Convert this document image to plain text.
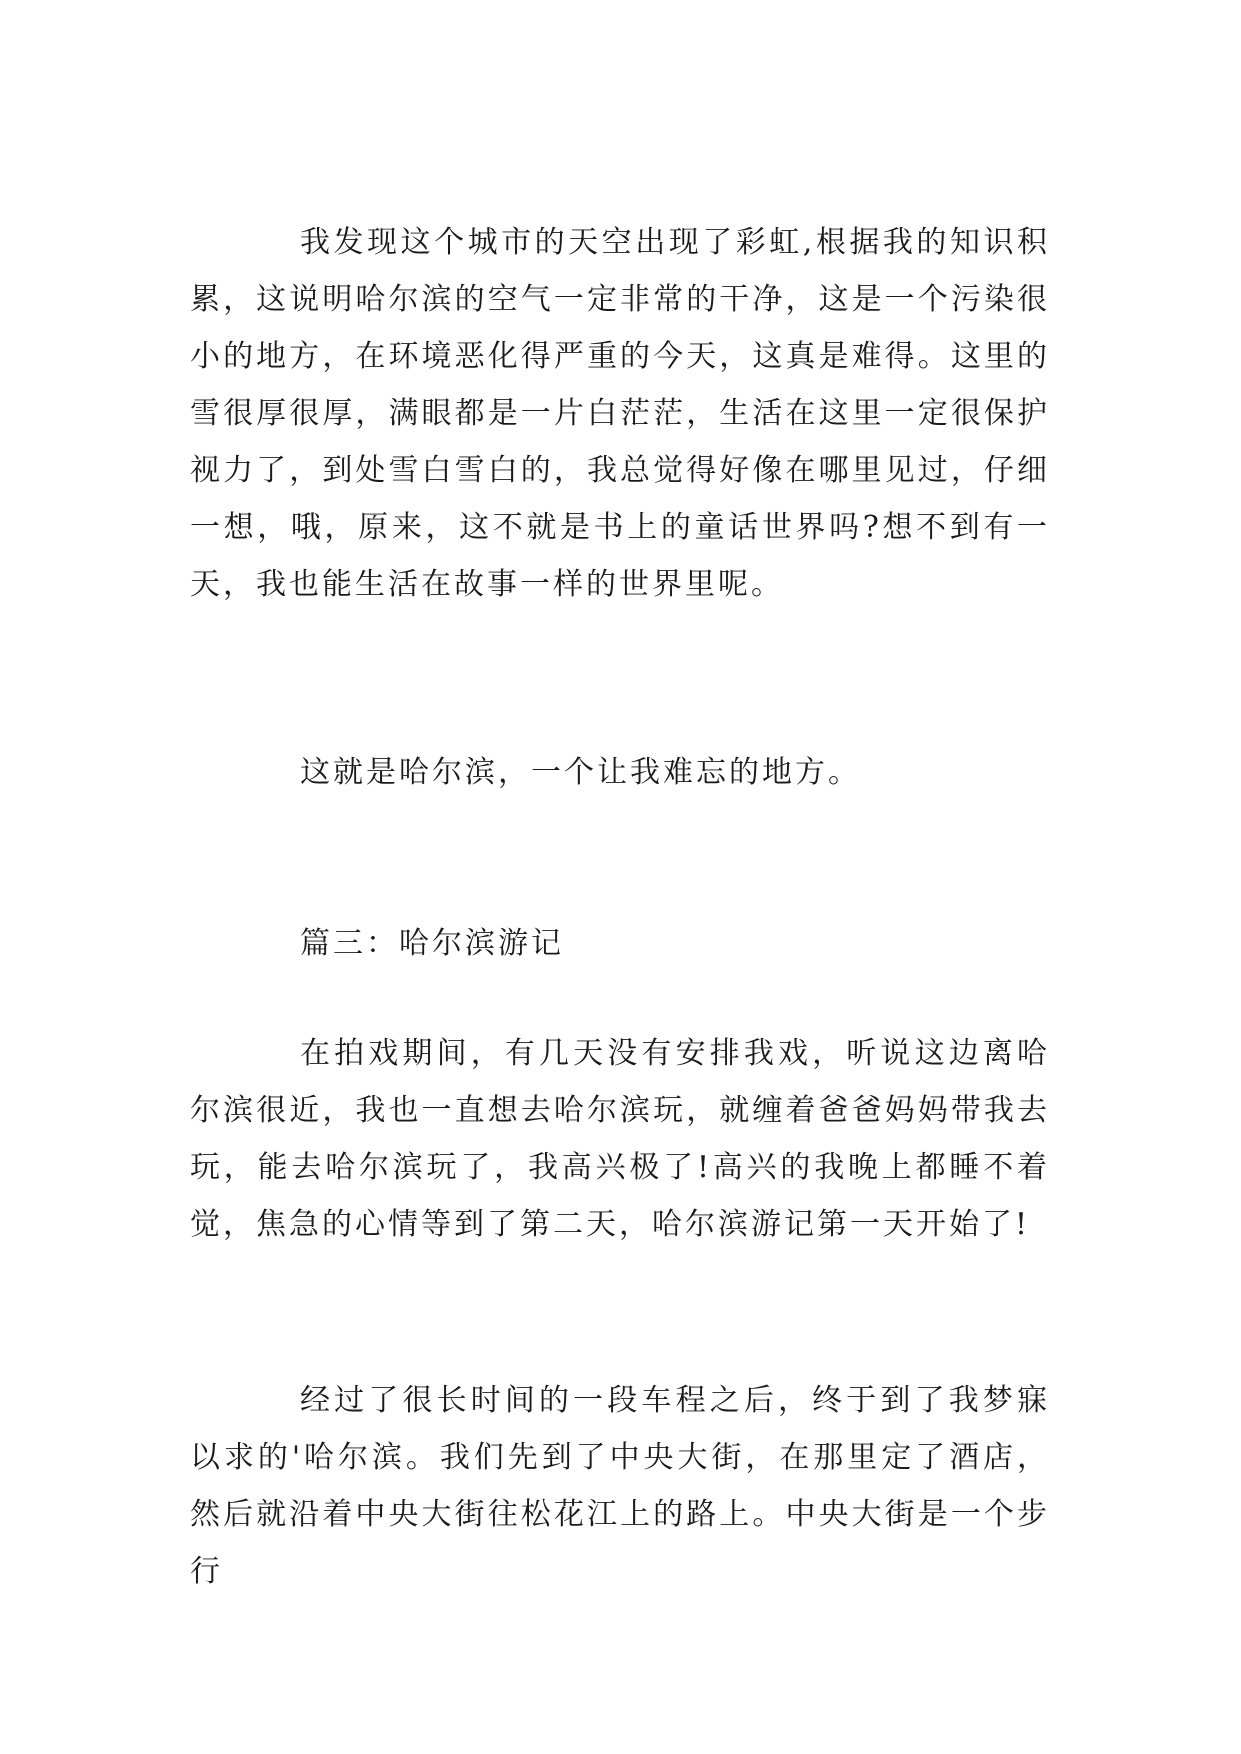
我发现这个城市的天空出现了彩虹,根据我的知识积累，这说明哈尔滨的空气一定非常的干净，这是一个污染很小的地方，在环境恶化得严重的今天，这真是难得。这里的雪很厚很厚，满眼都是一片白茫茫，生活在这里一定很保护视力了，到处雪白雪白的，我总觉得好像在哪里见过，仔细一想，哦，原来，这不就是书上的童话世界吗?想不到有一天，我也能生活在故事一样的世界里呢。

这就是哈尔滨，一个让我难忘的地方。

篇三：哈尔滨游记

在拍戏期间，有几天没有安排我戏，听说这边离哈尔滨很近，我也一直想去哈尔滨玩，就缠着爸爸妈妈带我去玩，能去哈尔滨玩了，我高兴极了!高兴的我晚上都睡不着觉，焦急的心情等到了第二天，哈尔滨游记第一天开始了!

经过了很长时间的一段车程之后，终于到了我梦寐以求的'哈尔滨。我们先到了中央大街，在那里定了酒店，然后就沿着中央大街往松花江上的路上。中央大街是一个步行
